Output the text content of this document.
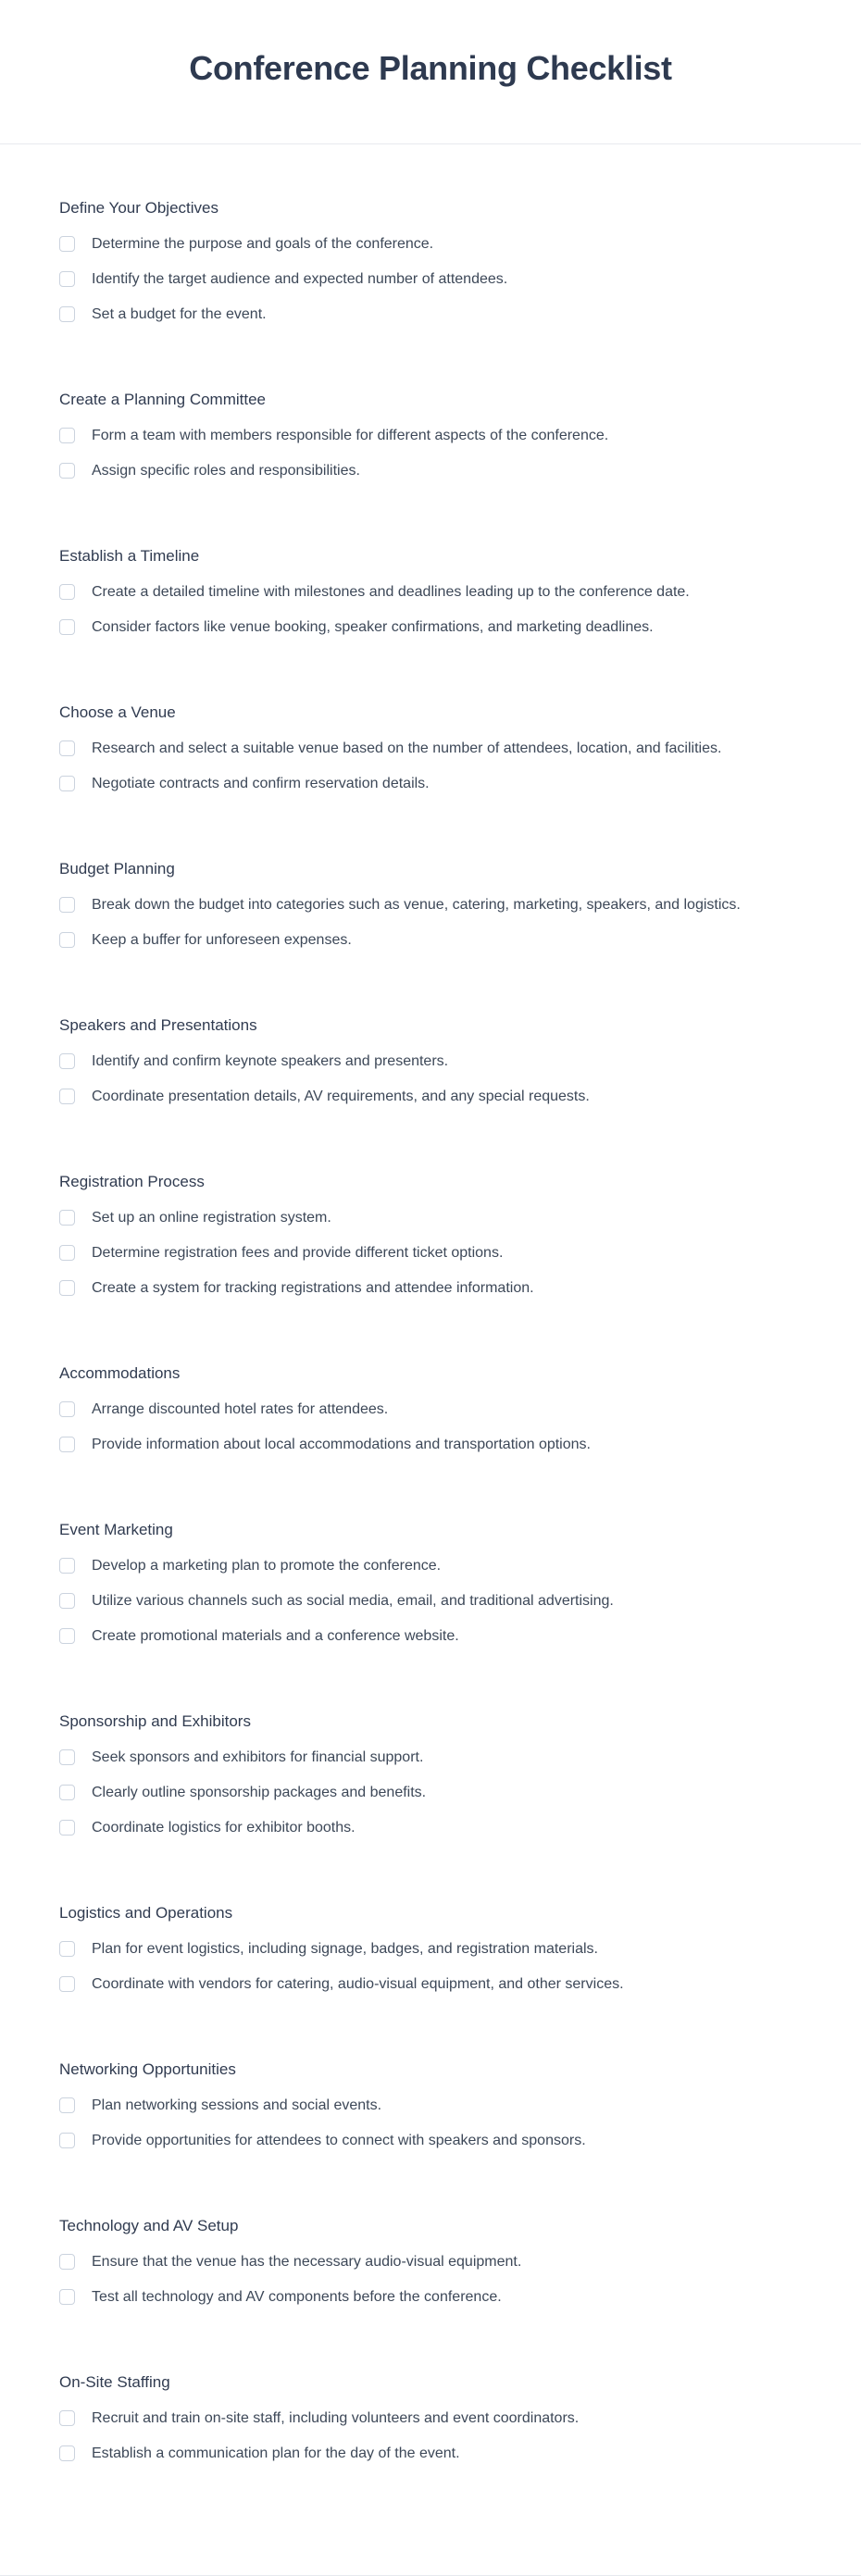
Conference Planning Checklist
Define Your Objectives
Determine the purpose and goals of the conference.
Identify the target audience and expected number of attendees.
Set a budget for the event.
Create a Planning Committee
Form a team with members responsible for different aspects of the conference.
Assign specific roles and responsibilities.
Establish a Timeline
Create a detailed timeline with milestones and deadlines leading up to the conference date.
Consider factors like venue booking, speaker confirmations, and marketing deadlines.
Choose a Venue
Research and select a suitable venue based on the number of attendees, location, and facilities.
Negotiate contracts and confirm reservation details.
Budget Planning
Break down the budget into categories such as venue, catering, marketing, speakers, and logistics.
Keep a buffer for unforeseen expenses.
Speakers and Presentations
Identify and confirm keynote speakers and presenters.
Coordinate presentation details, AV requirements, and any special requests.
Registration Process
Set up an online registration system.
Determine registration fees and provide different ticket options.
Create a system for tracking registrations and attendee information.
Accommodations
Arrange discounted hotel rates for attendees.
Provide information about local accommodations and transportation options.
Event Marketing
Develop a marketing plan to promote the conference.
Utilize various channels such as social media, email, and traditional advertising.
Create promotional materials and a conference website.
Sponsorship and Exhibitors
Seek sponsors and exhibitors for financial support.
Clearly outline sponsorship packages and benefits.
Coordinate logistics for exhibitor booths.
Logistics and Operations
Plan for event logistics, including signage, badges, and registration materials.
Coordinate with vendors for catering, audio-visual equipment, and other services.
Networking Opportunities
Plan networking sessions and social events.
Provide opportunities for attendees to connect with speakers and sponsors.
Technology and AV Setup
Ensure that the venue has the necessary audio-visual equipment.
Test all technology and AV components before the conference.
On-Site Staffing
Recruit and train on-site staff, including volunteers and event coordinators.
Establish a communication plan for the day of the event.
